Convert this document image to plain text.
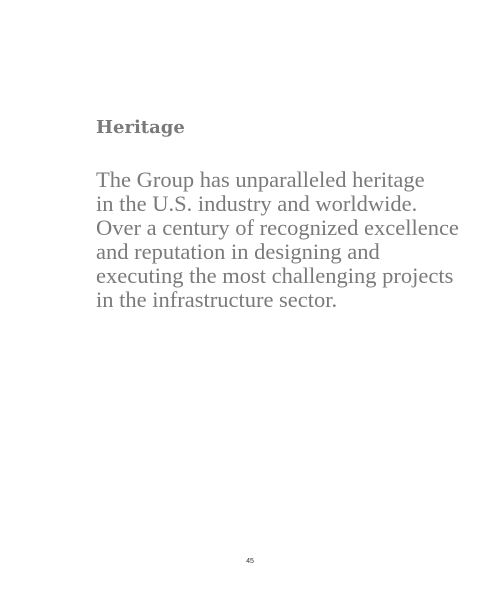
Heritage

The Group has unparalleled heritage
in the U.S. industry and worldwide.
Over a century of recognized excellence
and reputation in designing and
executing the most challenging projects
in the infrastructure sector.

45
